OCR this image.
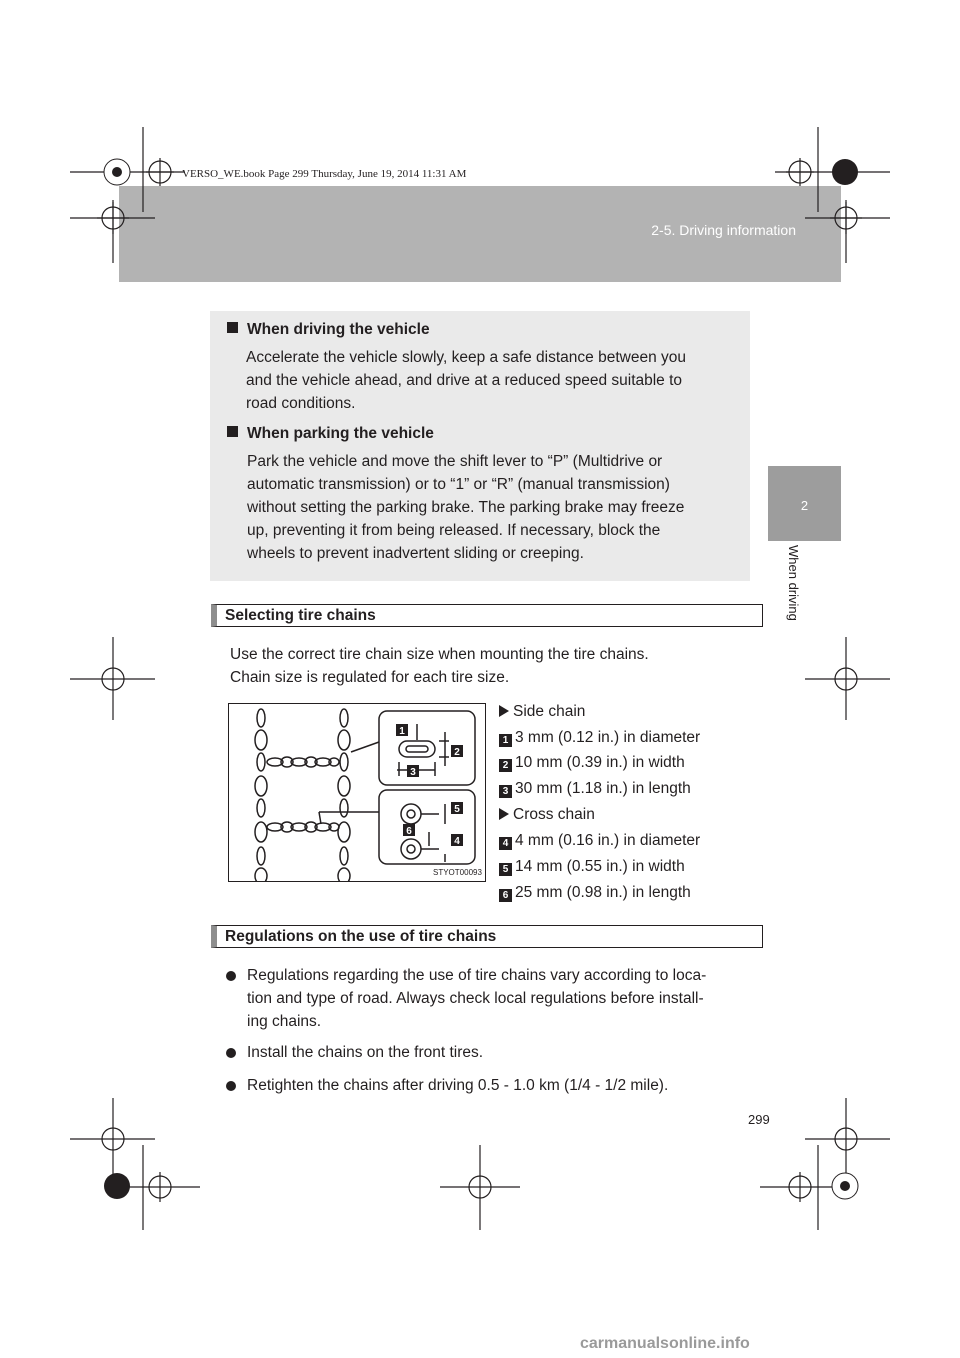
2-5. Driving information
VERSO_WE.book Page 299 Thursday, June 19, 2014 11:31 AM
2
When driving
When driving the vehicle
Accelerate the vehicle slowly, keep a safe distance between you
and the vehicle ahead, and drive at a reduced speed suitable to
road conditions.
When parking the vehicle
Park the vehicle and move the shift lever to “P” (Multidrive or
automatic transmission) or to “1” or “R” (manual transmission)
without setting the parking brake. The parking brake may freeze
up, preventing it from being released. If necessary, block the
wheels to prevent inadvertent sliding or creeping.
Selecting tire chains
Use the correct tire chain size when mounting the tire chains.
Chain size is regulated for each tire size.
1
2
3
4
5
6
STYOT00093
Side chain
1 3 mm (0.12 in.) in diameter
2 10 mm (0.39 in.) in width
3 30 mm (1.18 in.) in length
Cross chain
4 4 mm (0.16 in.) in diameter
5 14 mm (0.55 in.) in width
6 25 mm (0.98 in.) in length
Regulations on the use of tire chains
Regulations regarding the use of tire chains vary according to loca-
tion and type of road. Always check local regulations before install-
ing chains.
Install the chains on the front tires.
Retighten the chains after driving 0.5 - 1.0 km (1/4 - 1/2 mile).
299
carmanualsonline.info
